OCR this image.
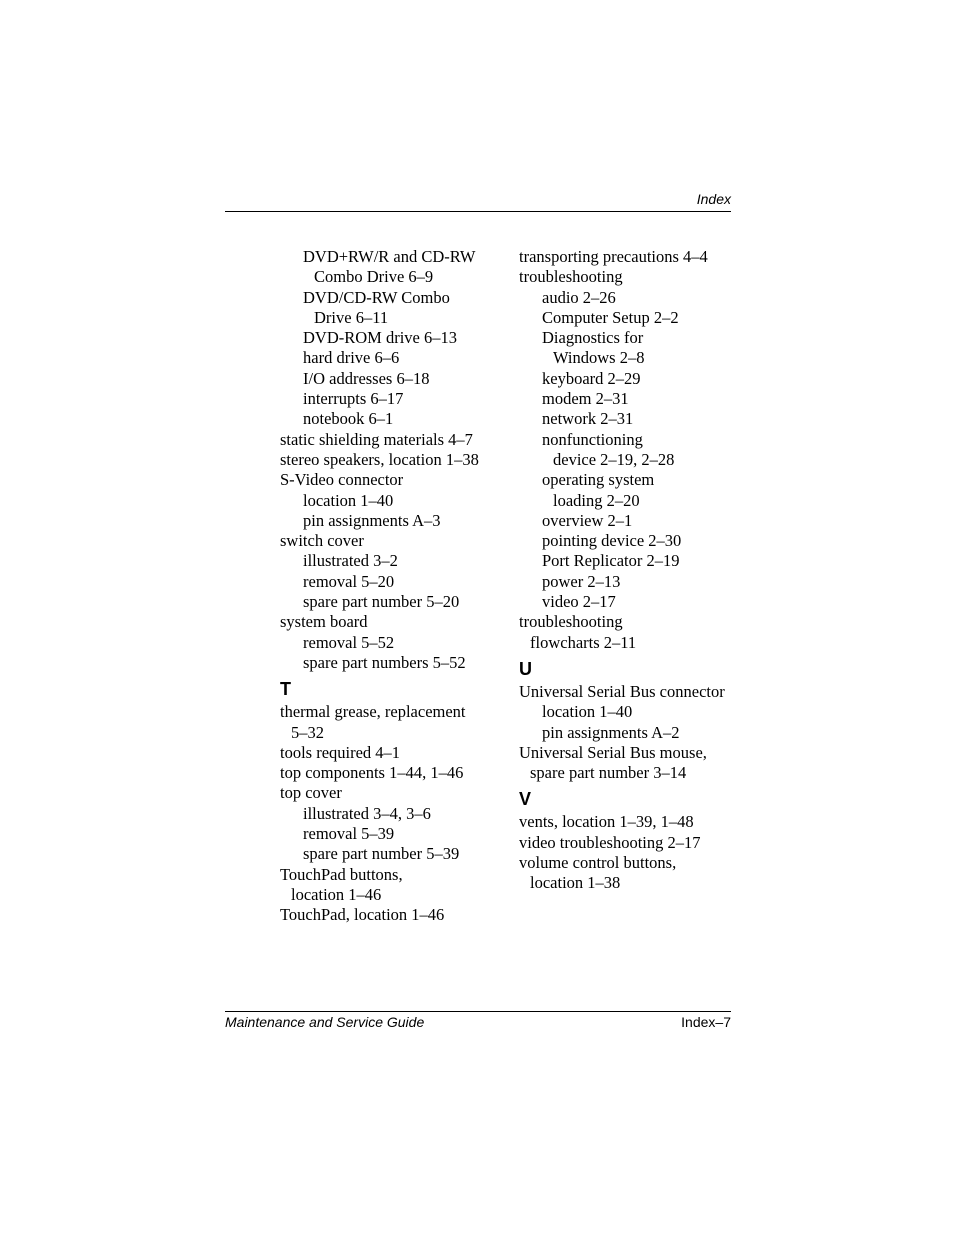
Index
DVD+RW/R and CD-RW
Combo Drive 6–9
DVD/CD-RW Combo
Drive 6–11
DVD-ROM drive 6–13
hard drive 6–6
I/O addresses 6–18
interrupts 6–17
notebook 6–1
static shielding materials 4–7
stereo speakers, location 1–38
S-Video connector
location 1–40
pin assignments A–3
switch cover
illustrated 3–2
removal 5–20
spare part number 5–20
system board
removal 5–52
spare part numbers 5–52
T
thermal grease, replacement
5–32
tools required 4–1
top components 1–44, 1–46
top cover
illustrated 3–4, 3–6
removal 5–39
spare part number 5–39
TouchPad buttons,
location 1–46
TouchPad, location 1–46
transporting precautions 4–4
troubleshooting
audio 2–26
Computer Setup 2–2
Diagnostics for
Windows 2–8
keyboard 2–29
modem 2–31
network 2–31
nonfunctioning
device 2–19, 2–28
operating system
loading 2–20
overview 2–1
pointing device 2–30
Port Replicator 2–19
power 2–13
video 2–17
troubleshooting
flowcharts 2–11
U
Universal Serial Bus connector
location 1–40
pin assignments A–2
Universal Serial Bus mouse,
spare part number 3–14
V
vents, location 1–39, 1–48
video troubleshooting 2–17
volume control buttons,
location 1–38
Maintenance and Service Guide	Index–7
